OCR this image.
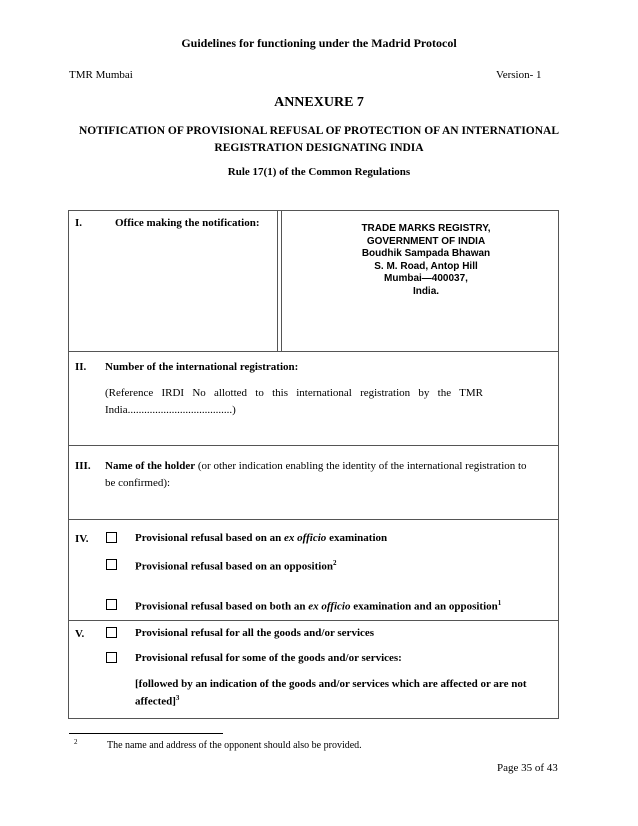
Guidelines for functioning under the Madrid Protocol
TMR Mumbai	Version- 1
ANNEXURE 7
NOTIFICATION OF PROVISIONAL REFUSAL OF PROTECTION OF AN INTERNATIONAL
REGISTRATION DESIGNATING INDIA
Rule 17(1) of the Common Regulations
I.	Office making the notification:	TRADE MARKS REGISTRY,
GOVERNMENT OF INDIA
Boudhik Sampada Bhawan
S. M. Road, Antop Hill
Mumbai—400037,
India.
II. Number of the international registration:
(Reference   IRDI   No   allotted   to   this   international   registration   by   the   TMR
India......................................)
III. Name of the holder (or other indication enabling the identity of the international registration to
be confirmed):
IV.	Provisional refusal based on an ex officio examination
Provisional refusal based on an opposition$^2$
Provisional refusal based on both an ex officio examination and an opposition$^1$
V.	Provisional refusal for all the goods and/or services
Provisional refusal for some of the goods and/or services:
[followed by an indication of the goods and/or services which are affected or are not
affected]$^3$
2	The name and address of the opponent should also be provided.
Page 35 of 43
